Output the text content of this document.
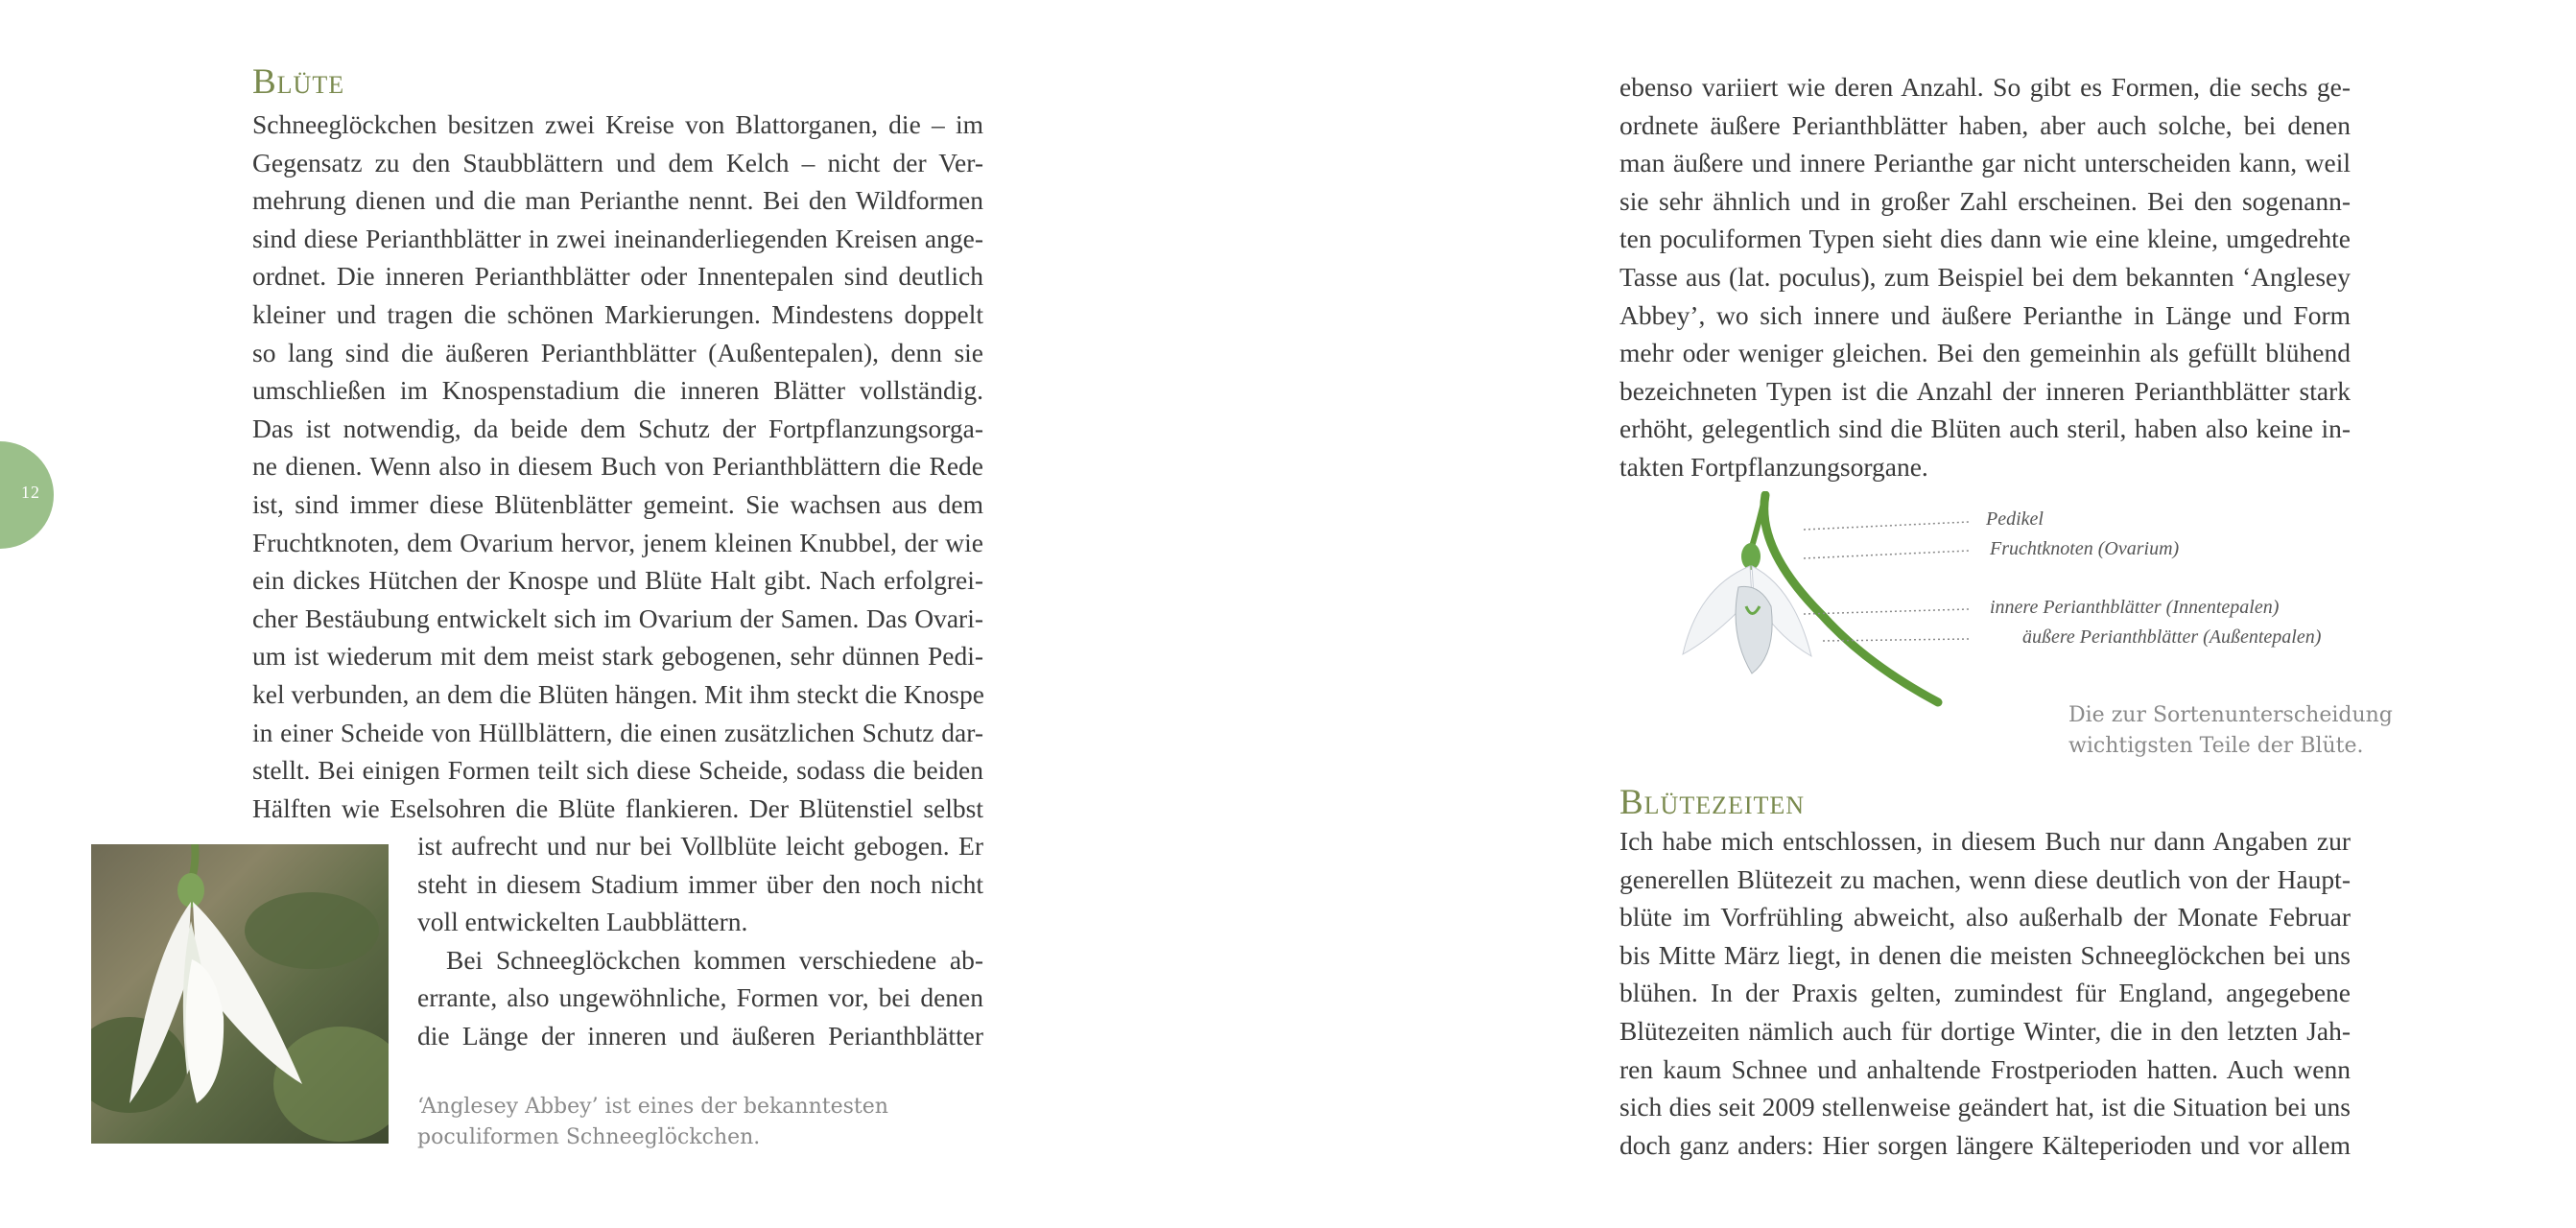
12
Blüte
Schneeglöckchen besitzen zwei Kreise von Blattorganen, die – im
Gegensatz zu den Staubblättern und dem Kelch – nicht der Ver-
mehrung dienen und die man Perianthe nennt. Bei den Wildformen
sind diese Perianthblätter in zwei ineinanderliegenden Kreisen ange-
ordnet. Die inneren Perianthblätter oder Innentepalen sind deutlich
kleiner und tragen die schönen Markierungen. Mindestens doppelt
so lang sind die äußeren Perianthblätter (Außentepalen), denn sie
umschließen im Knospenstadium die inneren Blätter vollständig.
Das ist notwendig, da beide dem Schutz der Fortpflanzungsorga-
ne dienen. Wenn also in diesem Buch von Perianthblättern die Rede
ist, sind immer diese Blütenblätter gemeint. Sie wachsen aus dem
Fruchtknoten, dem Ovarium hervor, jenem kleinen Knubbel, der wie
ein dickes Hütchen der Knospe und Blüte Halt gibt. Nach erfolgrei-
cher Bestäubung entwickelt sich im Ovarium der Samen. Das Ovari-
um ist wiederum mit dem meist stark gebogenen, sehr dünnen Pedi-
kel verbunden, an dem die Blüten hängen. Mit ihm steckt die Knospe
in einer Scheide von Hüllblättern, die einen zusätzlichen Schutz dar-
stellt. Bei einigen Formen teilt sich diese Scheide, sodass die beiden
Hälften wie Eselsohren die Blüte flankieren. Der Blütenstiel selbst
ist aufrecht und nur bei Vollblüte leicht gebogen. Er
steht in diesem Stadium immer über den noch nicht
voll entwickelten Laubblättern.
Bei Schneeglöckchen kommen verschiedene ab-
errante, also ungewöhnliche, Formen vor, bei denen
die Länge der inneren und äußeren Perianthblätter
‘Anglesey Abbey’ ist eines der bekanntesten
poculiformen Schneeglöckchen.
ebenso variiert wie deren Anzahl. So gibt es Formen, die sechs ge-
ordnete äußere Perianthblätter haben, aber auch solche, bei denen
man äußere und innere Perianthe gar nicht unterscheiden kann, weil
sie sehr ähnlich und in großer Zahl erscheinen. Bei den sogenann-
ten poculiformen Typen sieht dies dann wie eine kleine, umgedrehte
Tasse aus (lat. poculus), zum Beispiel bei dem bekannten ‘Anglesey
Abbey’, wo sich innere und äußere Perianthe in Länge und Form
mehr oder weniger gleichen. Bei den gemeinhin als gefüllt blühend
bezeichneten Typen ist die Anzahl der inneren Perianthblätter stark
erhöht, gelegentlich sind die Blüten auch steril, haben also keine in-
takten Fortpflanzungsorgane.
Pedikel
Fruchtknoten (Ovarium)
innere Perianthblätter (Innentepalen)
äußere Perianthblätter (Außentepalen)
Die zur Sortenunterscheidung
wichtigsten Teile der Blüte.
Blütezeiten
Ich habe mich entschlossen, in diesem Buch nur dann Angaben zur
generellen Blütezeit zu machen, wenn diese deutlich von der Haupt-
blüte im Vorfrühling abweicht, also außerhalb der Monate Februar
bis Mitte März liegt, in denen die meisten Schneeglöckchen bei uns
blühen. In der Praxis gelten, zumindest für England, angegebene
Blütezeiten nämlich auch für dortige Winter, die in den letzten Jah-
ren kaum Schnee und anhaltende Frostperioden hatten. Auch wenn
sich dies seit 2009 stellenweise geändert hat, ist die Situation bei uns
doch ganz anders: Hier sorgen längere Kälteperioden und vor allem
